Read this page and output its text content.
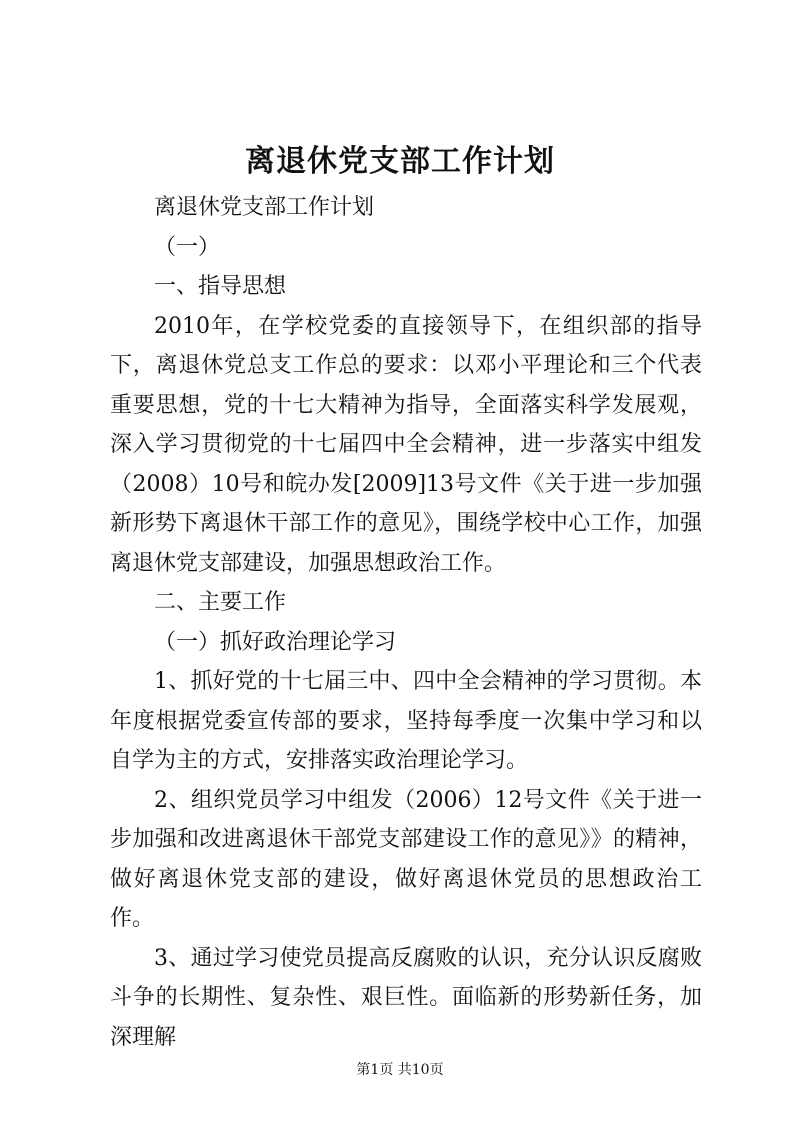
离退休党支部工作计划

离退休党支部工作计划

（一）

一、指导思想

2010年，在学校党委的直接领导下，在组织部的指导下，离退休党总支工作总的要求：以邓小平理论和三个代表重要思想，党的十七大精神为指导，全面落实科学发展观，深入学习贯彻党的十七届四中全会精神，进一步落实中组发（2008）10号和皖办发[2009]13号文件《关于进一步加强新形势下离退休干部工作的意见》，围绕学校中心工作，加强离退休党支部建设，加强思想政治工作。

二、主要工作

（一）抓好政治理论学习

1、抓好党的十七届三中、四中全会精神的学习贯彻。本年度根据党委宣传部的要求，坚持每季度一次集中学习和以自学为主的方式，安排落实政治理论学习。

2、组织党员学习中组发（2006）12号文件《关于进一步加强和改进离退休干部党支部建设工作的意见》》的精神，做好离退休党支部的建设，做好离退休党员的思想政治工作。

3、通过学习使党员提高反腐败的认识，充分认识反腐败斗争的长期性、复杂性、艰巨性。面临新的形势新任务，加深理解

第1页 共10页
